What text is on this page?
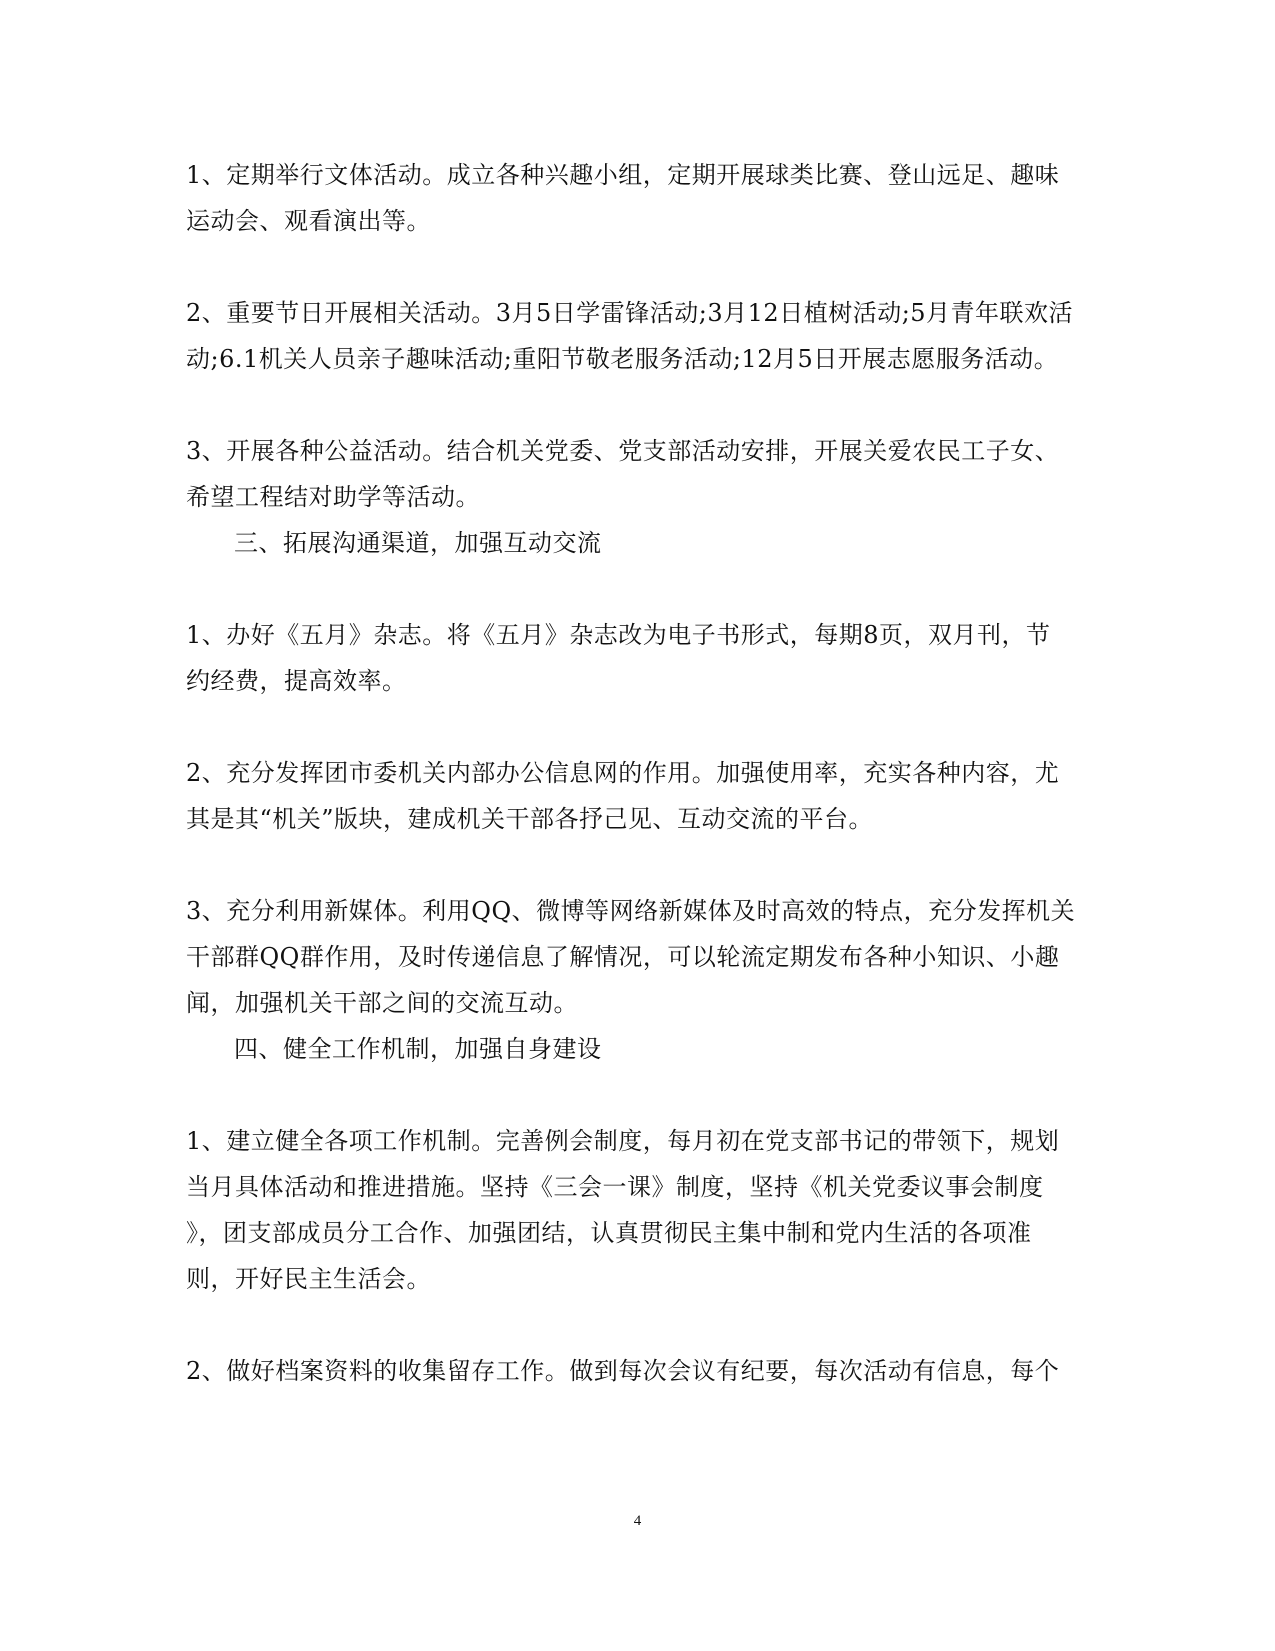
1、定期举行文体活动。成立各种兴趣小组，定期开展球类比赛、登山远足、趣味
运动会、观看演出等。
2、重要节日开展相关活动。3月5日学雷锋活动;3月12日植树活动;5月青年联欢活
动;6.1机关人员亲子趣味活动;重阳节敬老服务活动;12月5日开展志愿服务活动。
3、开展各种公益活动。结合机关党委、党支部活动安排，开展关爱农民工子女、
希望工程结对助学等活动。
三、拓展沟通渠道，加强互动交流
1、办好《五月》杂志。将《五月》杂志改为电子书形式，每期8页，双月刊，节
约经费，提高效率。
2、充分发挥团市委机关内部办公信息网的作用。加强使用率，充实各种内容，尤
其是其“机关”版块，建成机关干部各抒己见、互动交流的平台。
3、充分利用新媒体。利用QQ、微博等网络新媒体及时高效的特点，充分发挥机关
干部群QQ群作用，及时传递信息了解情况，可以轮流定期发布各种小知识、小趣
闻，加强机关干部之间的交流互动。
四、健全工作机制，加强自身建设
1、建立健全各项工作机制。完善例会制度，每月初在党支部书记的带领下，规划
当月具体活动和推进措施。坚持《三会一课》制度，坚持《机关党委议事会制度
》，团支部成员分工合作、加强团结，认真贯彻民主集中制和党内生活的各项准
则，开好民主生活会。
2、做好档案资料的收集留存工作。做到每次会议有纪要，每次活动有信息，每个
4
